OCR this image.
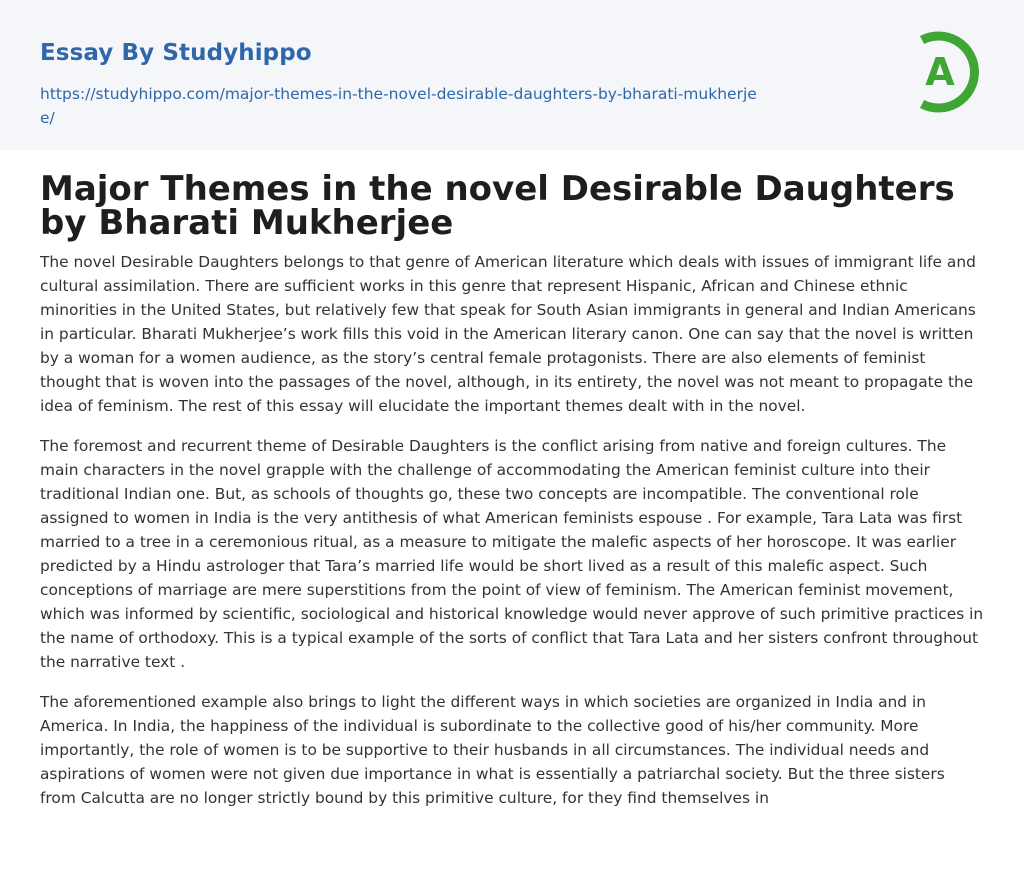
Essay By Studyhippo
https://studyhippo.com/major-themes-in-the-novel-desirable-daughters-by-bharati-mukherjee/
A
Major Themes in the novel Desirable Daughters by Bharati Mukherjee

The novel Desirable Daughters belongs to that genre of American literature which deals with issues of immigrant life and cultural assimilation. There are sufficient works in this genre that represent Hispanic, African and Chinese ethnic minorities in the United States, but relatively few that speak for South Asian immigrants in general and Indian Americans in particular. Bharati Mukherjee’s work fills this void in the American literary canon. One can say that the novel is written by a woman for a women audience, as the story’s central female protagonists. There are also elements of feminist thought that is woven into the passages of the novel, although, in its entirety, the novel was not meant to propagate the idea of feminism. The rest of this essay will elucidate the important themes dealt with in the novel.

The foremost and recurrent theme of Desirable Daughters is the conflict arising from native and foreign cultures. The main characters in the novel grapple with the challenge of accommodating the American feminist culture into their traditional Indian one. But, as schools of thoughts go, these two concepts are incompatible. The conventional role assigned to women in India is the very antithesis of what American feminists espouse . For example, Tara Lata was first married to a tree in a ceremonious ritual, as a measure to mitigate the malefic aspects of her horoscope. It was earlier predicted by a Hindu astrologer that Tara’s married life would be short lived as a result of this malefic aspect. Such conceptions of marriage are mere superstitions from the point of view of feminism. The American feminist movement, which was informed by scientific, sociological and historical knowledge would never approve of such primitive practices in the name of orthodoxy. This is a typical example of the sorts of conflict that Tara Lata and her sisters confront throughout the narrative text .

The aforementioned example also brings to light the different ways in which societies are organized in India and in America. In India, the happiness of the individual is subordinate to the collective good of his/her community. More importantly, the role of women is to be supportive to their husbands in all circumstances. The individual needs and aspirations of women were not given due importance in what is essentially a patriarchal society. But the three sisters from Calcutta are no longer strictly bound by this primitive culture, for they find themselves in
